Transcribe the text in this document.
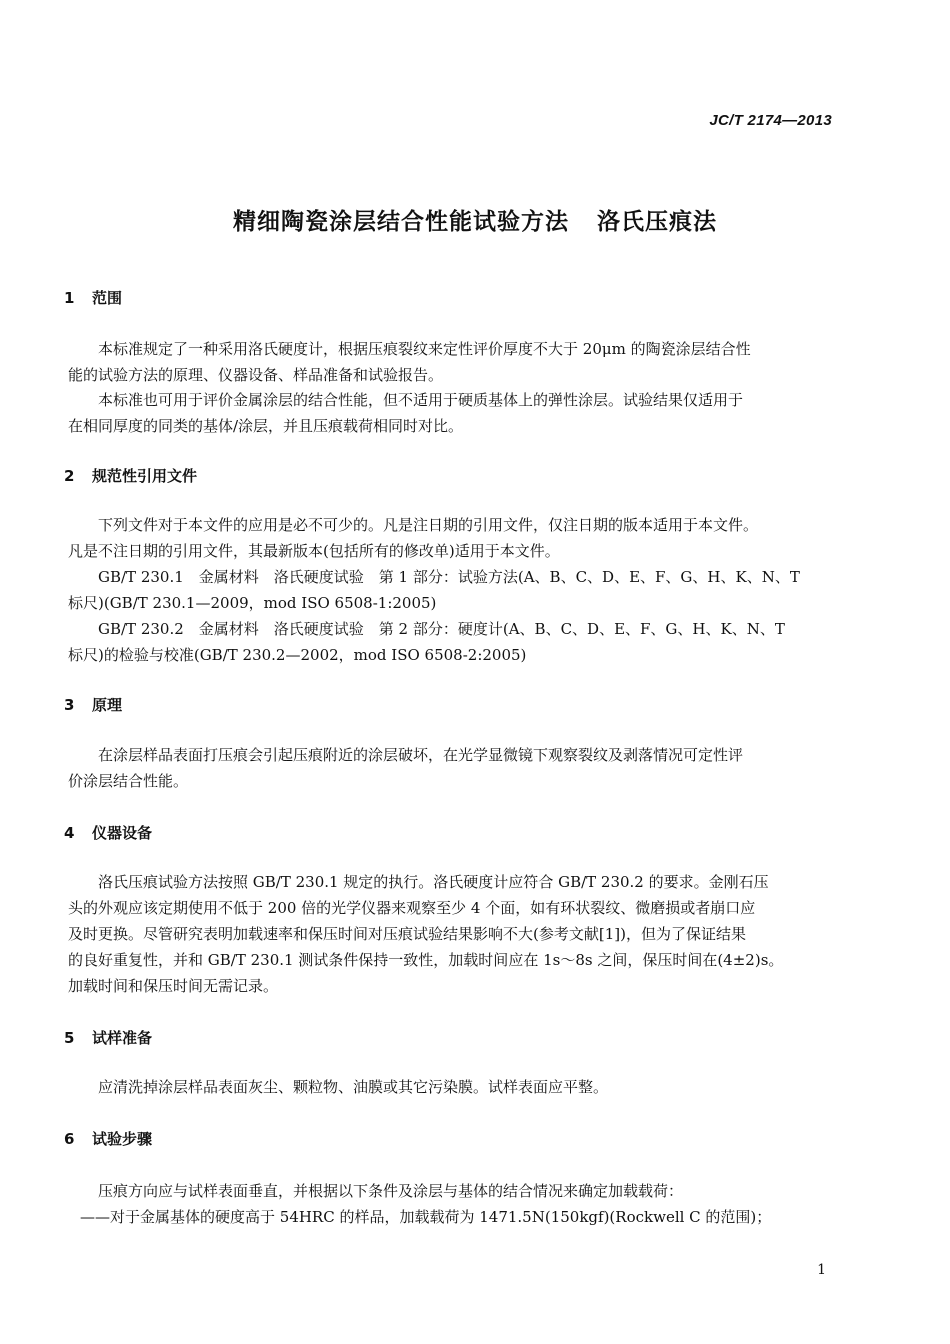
JC/T 2174—2013
精细陶瓷涂层结合性能试验方法 洛氏压痕法
1 范围
本标准规定了一种采用洛氏硬度计，根据压痕裂纹来定性评价厚度不大于 20μm 的陶瓷涂层结合性
能的试验方法的原理、仪器设备、样品准备和试验报告。
本标准也可用于评价金属涂层的结合性能，但不适用于硬质基体上的弹性涂层。试验结果仅适用于
在相同厚度的同类的基体/涂层，并且压痕载荷相同时对比。
2 规范性引用文件
下列文件对于本文件的应用是必不可少的。凡是注日期的引用文件，仅注日期的版本适用于本文件。
凡是不注日期的引用文件，其最新版本(包括所有的修改单)适用于本文件。
GB/T 230.1　金属材料　洛氏硬度试验　第 1 部分：试验方法(A、B、C、D、E、F、G、H、K、N、T
标尺)(GB/T 230.1—2009，mod ISO 6508-1:2005)
GB/T 230.2　金属材料　洛氏硬度试验　第 2 部分：硬度计(A、B、C、D、E、F、G、H、K、N、T
标尺)的检验与校准(GB/T 230.2—2002，mod ISO 6508-2:2005)
3 原理
在涂层样品表面打压痕会引起压痕附近的涂层破坏，在光学显微镜下观察裂纹及剥落情况可定性评
价涂层结合性能。
4 仪器设备
洛氏压痕试验方法按照 GB/T 230.1 规定的执行。洛氏硬度计应符合 GB/T 230.2 的要求。金刚石压
头的外观应该定期使用不低于 200 倍的光学仪器来观察至少 4 个面，如有环状裂纹、微磨损或者崩口应
及时更换。尽管研究表明加载速率和保压时间对压痕试验结果影响不大(参考文献[1])，但为了保证结果
的良好重复性，并和 GB/T 230.1 测试条件保持一致性，加载时间应在 1s～8s 之间，保压时间在(4±2)s。
加载时间和保压时间无需记录。
5 试样准备
应清洗掉涂层样品表面灰尘、颗粒物、油膜或其它污染膜。试样表面应平整。
6 试验步骤
压痕方向应与试样表面垂直，并根据以下条件及涂层与基体的结合情况来确定加载载荷：
——对于金属基体的硬度高于 54HRC 的样品，加载载荷为 1471.5N(150kgf)(Rockwell C 的范围)；
1
